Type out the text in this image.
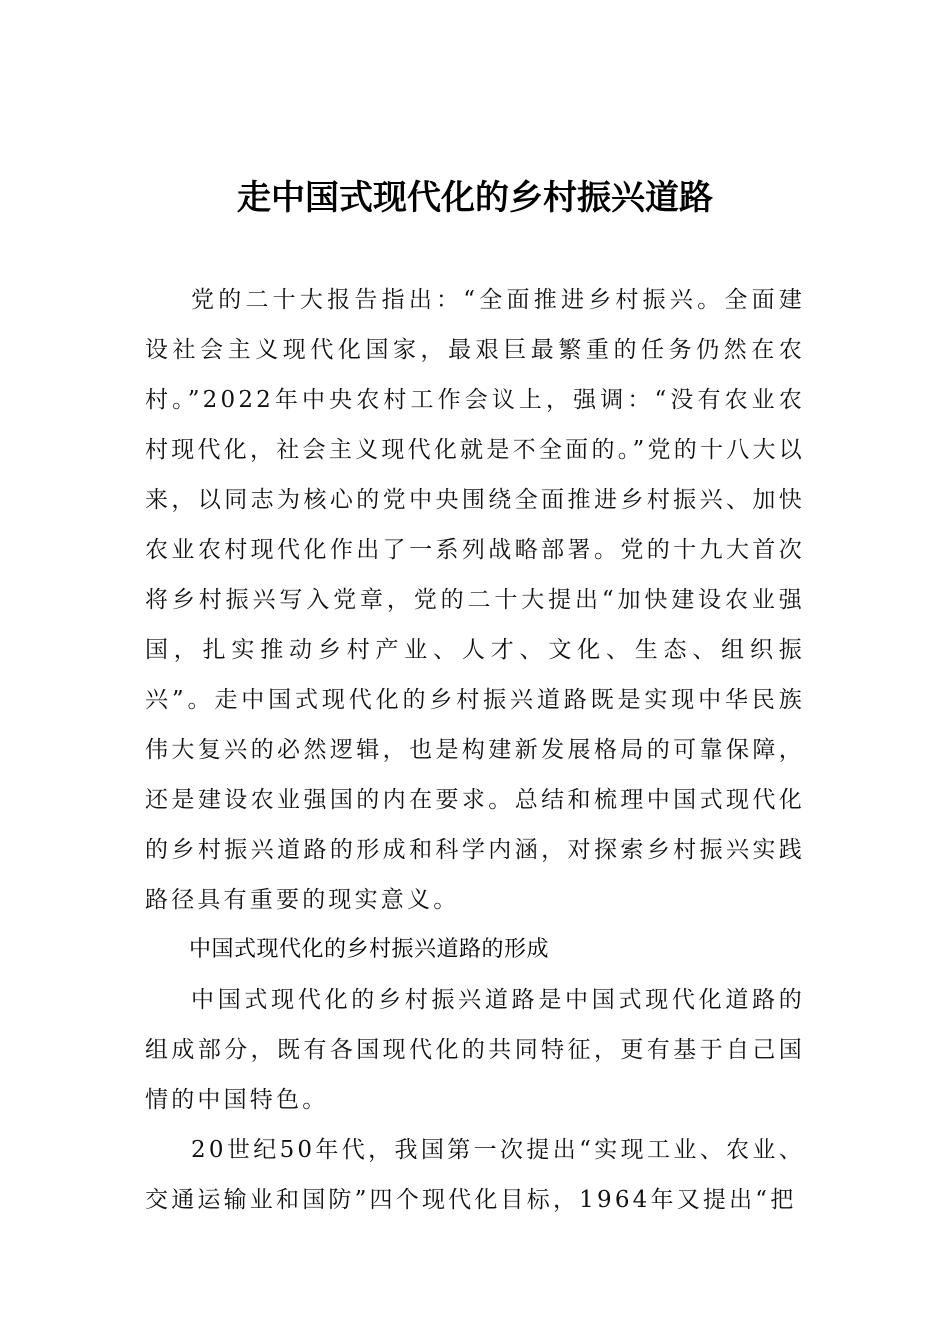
走中国式现代化的乡村振兴道路

党的二十大报告指出：“全面推进乡村振兴。全面建设社会主义现代化国家，最艰巨最繁重的任务仍然在农村。”2022年中央农村工作会议上，强调：“没有农业农村现代化，社会主义现代化就是不全面的。”党的十八大以来，以同志为核心的党中央围绕全面推进乡村振兴、加快农业农村现代化作出了一系列战略部署。党的十九大首次将乡村振兴写入党章，党的二十大提出“加快建设农业强国，扎实推动乡村产业、人才、文化、生态、组织振兴”。走中国式现代化的乡村振兴道路既是实现中华民族伟大复兴的必然逻辑，也是构建新发展格局的可靠保障，还是建设农业强国的内在要求。总结和梳理中国式现代化的乡村振兴道路的形成和科学内涵，对探索乡村振兴实践路径具有重要的现实意义。

中国式现代化的乡村振兴道路的形成

中国式现代化的乡村振兴道路是中国式现代化道路的组成部分，既有各国现代化的共同特征，更有基于自己国情的中国特色。

20世纪50年代，我国第一次提出“实现工业、农业、交通运输业和国防”四个现代化目标，1964年又提出“把
